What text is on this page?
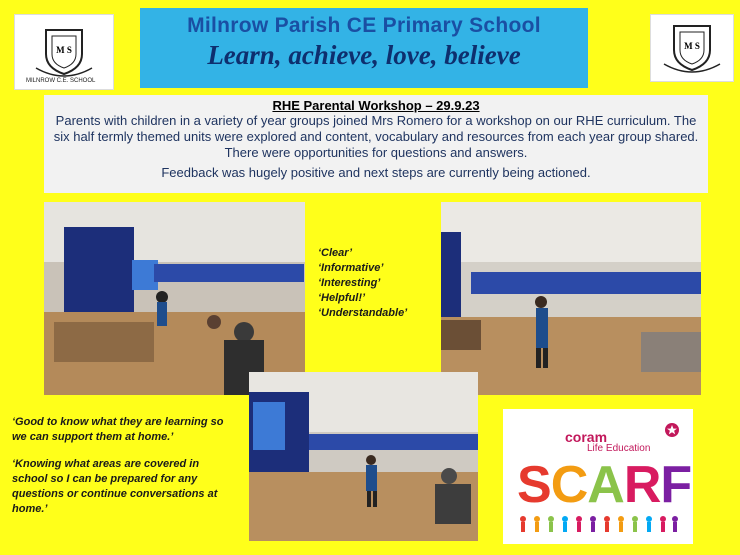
M S
MILNROW C.E. SCHOOL
Milnrow Parish CE Primary School
Learn, achieve, love, believe	M S
RHE Parental Workshop – 29.9.23
Parents with children in a variety of year groups joined Mrs Romero for a workshop on our RHE curriculum. The six half termly themed units were explored and content, vocabulary and resources from each year group shared. There were opportunities for questions and answers.
Feedback was hugely positive and next steps are currently being actioned.
‘Clear’
‘Informative’
‘Interesting’
‘Helpful!’
‘Understandable’

‘Good to know what they are learning so we can support them at home.’

‘Knowing what areas are covered in school so I can be prepared for any questions or continue conversations at home.’

coram
Life Education
SCARF
